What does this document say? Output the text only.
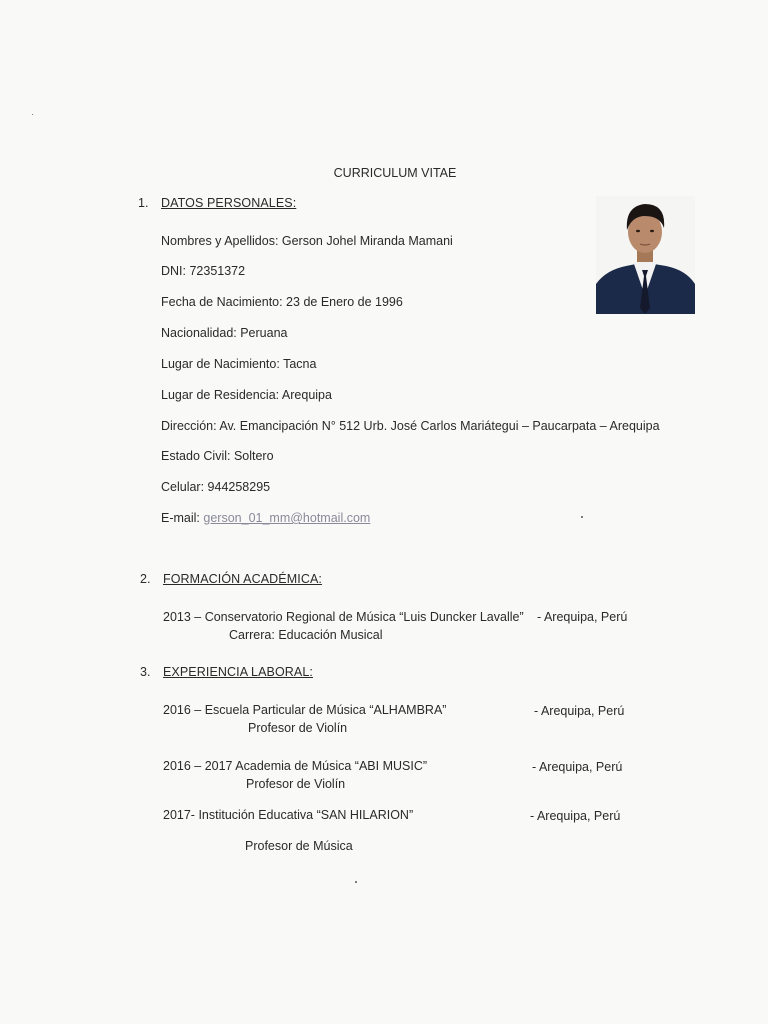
CURRICULUM VITAE
1. DATOS PERSONALES:
Nombres y Apellidos: Gerson Johel Miranda Mamani
DNI: 72351372
Fecha de Nacimiento: 23 de Enero de 1996
Nacionalidad: Peruana
Lugar de Nacimiento: Tacna
Lugar de Residencia: Arequipa
Dirección: Av. Emancipación N° 512 Urb. José Carlos Mariátegui – Paucarpata – Arequipa
Estado Civil: Soltero
Celular: 944258295
E-mail: gerson_01_mm@hotmail.com
2. FORMACIÓN ACADÉMICA:
2013 – Conservatorio Regional de Música “Luis Duncker Lavalle” - Arequipa, Perú
Carrera: Educación Musical
3. EXPERIENCIA LABORAL:
2016 – Escuela Particular de Música “ALHAMBRA”	- Arequipa, Perú
Profesor de Violín
2016 – 2017 Academia de Música “ABI MUSIC”	- Arequipa, Perú
Profesor de Violín
2017- Institución Educativa “SAN HILARION”	- Arequipa, Perú
Profesor de Música
